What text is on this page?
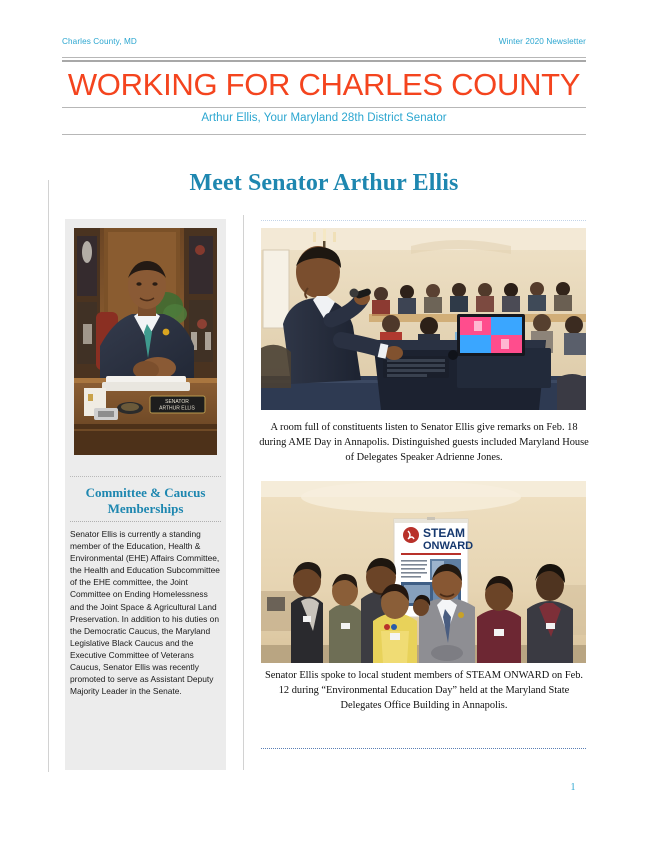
Charles County, MD	Winter 2020 Newsletter
WORKING FOR CHARLES COUNTY
Arthur Ellis, Your Maryland 28th District Senator
Meet Senator Arthur Ellis
SENATOR
ARTHUR ELLIS
Committee & Caucus Memberships
Senator Ellis is currently a standing member of the Education, Health & Environmental (EHE) Affairs Committee, the Health and Education Subcommittee of the EHE committee, the Joint Committee on Ending Homelessness and the Joint Space & Agricultural Land Preservation. In addition to his duties on the Democratic Caucus, the Maryland Legislative Black Caucus and the Executive Committee of Veterans Caucus, Senator Ellis was recently promoted to serve as Assistant Deputy Majority Leader in the Senate.
A room full of constituents listen to Senator Ellis give remarks on Feb. 18 during AME Day in Annapolis. Distinguished guests included Maryland House of Delegates Speaker Adrienne Jones.
STEAM
ONWARD
Senator Ellis spoke to local student members of STEAM ONWARD on Feb. 12 during “Environmental Education Day” held at the Maryland State Delegates Office Building in Annapolis.
1
